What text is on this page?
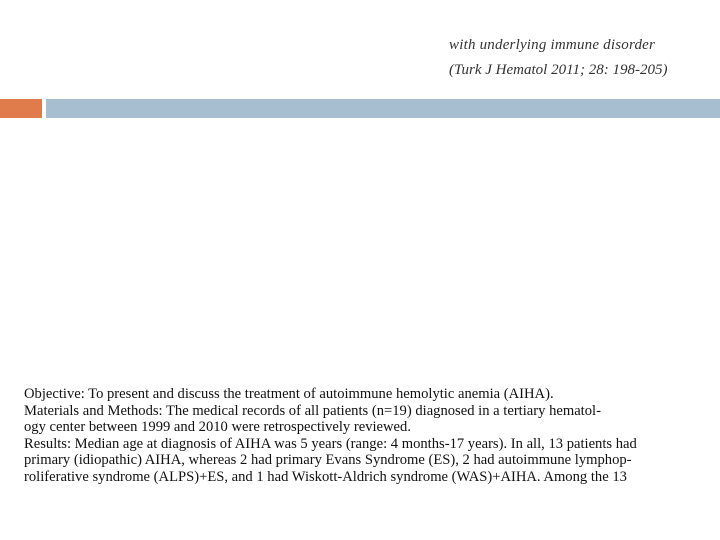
with underlying immune disorder
(Turk J Hematol 2011; 28: 198-205)
Objective: To present and discuss the treatment of autoimmune hemolytic anemia (AIHA).
Materials and Methods: The medical records of all patients (n=19) diagnosed in a tertiary hematol-
ogy center between 1999 and 2010 were retrospectively reviewed.
Results: Median age at diagnosis of AIHA was 5 years (range: 4 months-17 years). In all, 13 patients had
primary (idiopathic) AIHA, whereas 2 had primary Evans Syndrome (ES), 2 had autoimmune lymphop-
roliferative syndrome (ALPS)+ES, and 1 had Wiskott-Aldrich syndrome (WAS)+AIHA. Among the 13
